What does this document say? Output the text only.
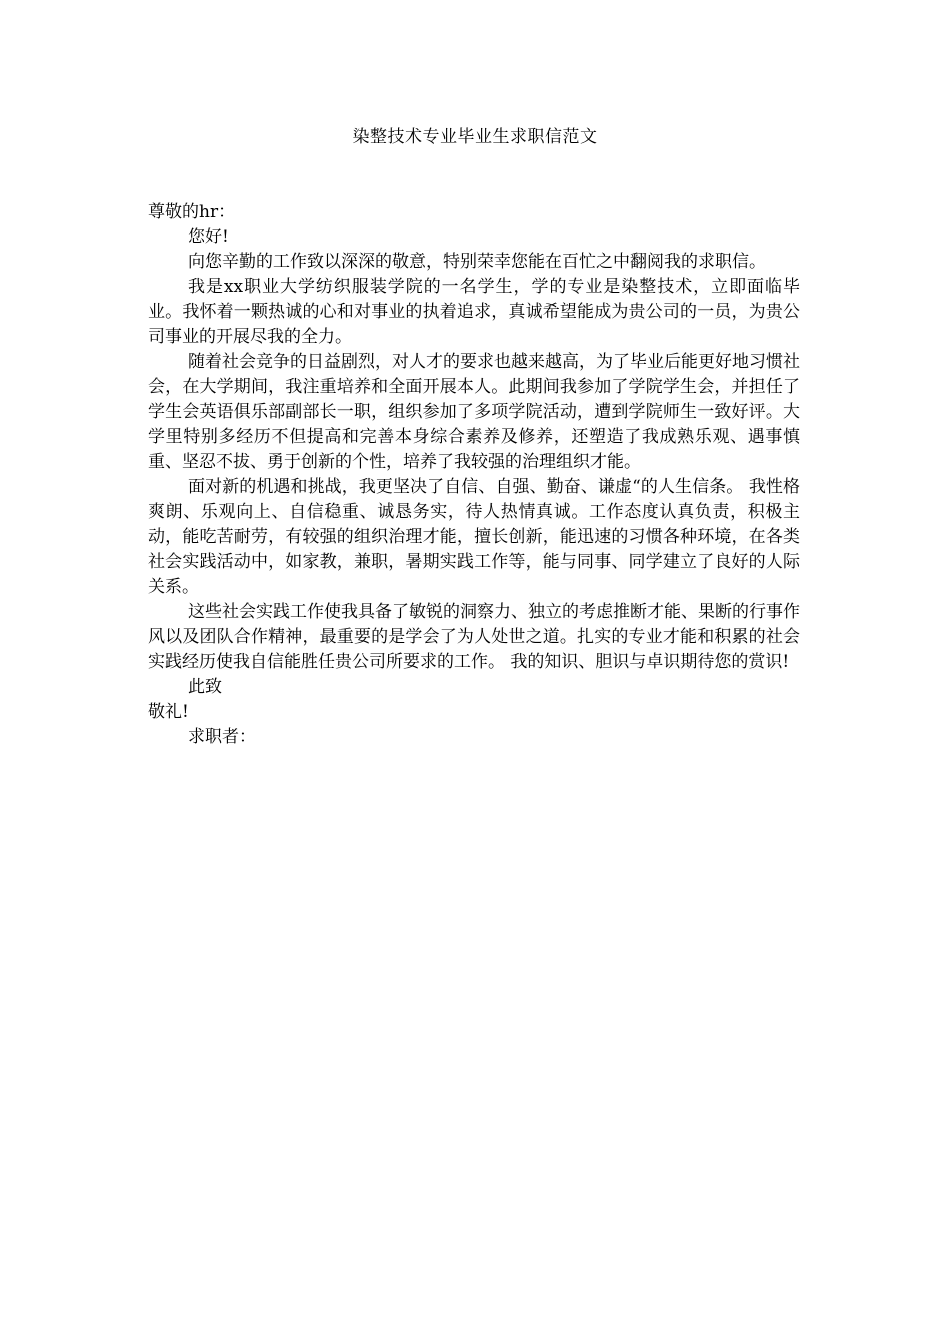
染整技术专业毕业生求职信范文

尊敬的hr：

您好!

向您辛勤的工作致以深深的敬意，特别荣幸您能在百忙之中翻阅我的求职信。

我是xx职业大学纺织服装学院的一名学生，学的专业是染整技术，立即面临毕业。我怀着一颗热诚的心和对事业的执着追求，真诚希望能成为贵公司的一员，为贵公司事业的开展尽我的全力。

随着社会竞争的日益剧烈，对人才的要求也越来越高，为了毕业后能更好地习惯社会，在大学期间，我注重培养和全面开展本人。此期间我参加了学院学生会，并担任了学生会英语俱乐部副部长一职，组织参加了多项学院活动，遭到学院师生一致好评。大学里特别多经历不但提高和完善本身综合素养及修养，还塑造了我成熟乐观、遇事慎重、坚忍不拔、勇于创新的个性，培养了我较强的治理组织才能。

面对新的机遇和挑战，我更坚决了自信、自强、勤奋、谦虚“的人生信条。 我性格爽朗、乐观向上、自信稳重、诚恳务实，待人热情真诚。工作态度认真负责，积极主动，能吃苦耐劳，有较强的组织治理才能，擅长创新，能迅速的习惯各种环境，在各类社会实践活动中，如家教，兼职，暑期实践工作等，能与同事、同学建立了良好的人际关系。

这些社会实践工作使我具备了敏锐的洞察力、独立的考虑推断才能、果断的行事作风以及团队合作精神，最重要的是学会了为人处世之道。扎实的专业才能和积累的社会实践经历使我自信能胜任贵公司所要求的工作。 我的知识、胆识与卓识期待您的赏识!

此致

敬礼!

求职者：
